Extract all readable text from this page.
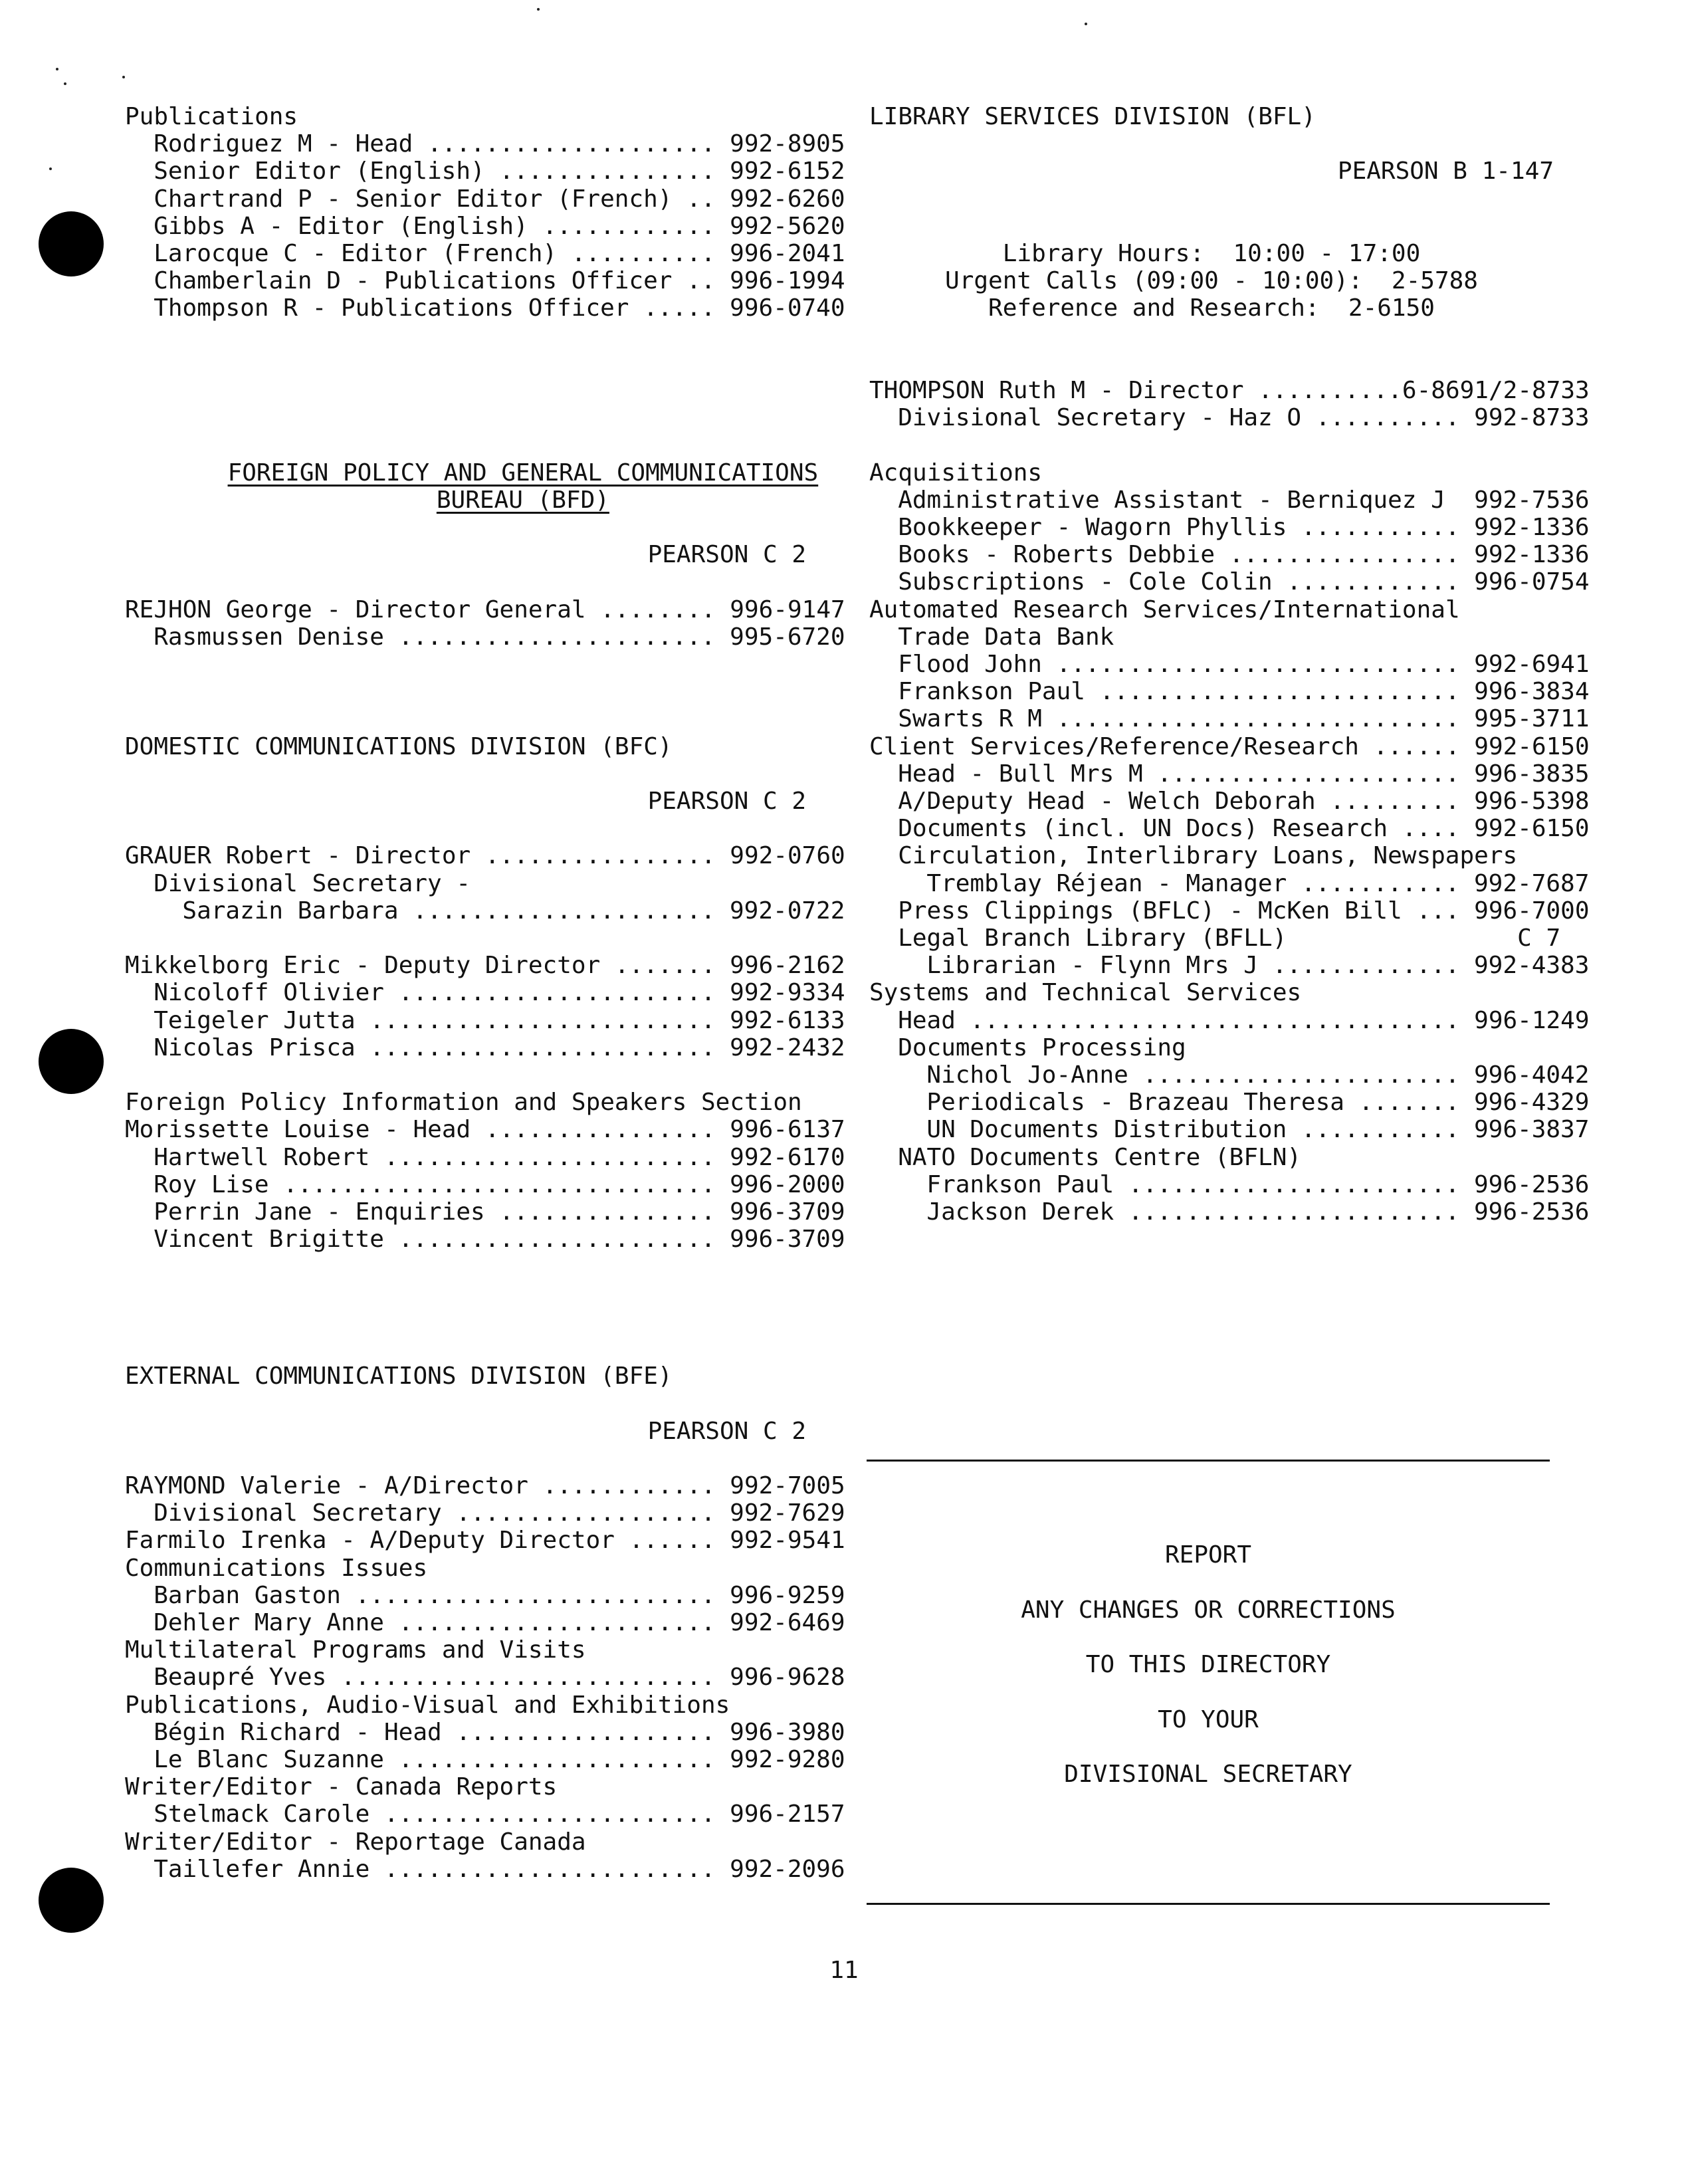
Publications
Rodriguez M - Head .................... 992-8905
Senior Editor (English) ............... 992-6152
Chartrand P - Senior Editor (French) .. 992-6260
Gibbs A - Editor (English) ............ 992-5620
Larocque C - Editor (French) .......... 996-2041
Chamberlain D - Publications Officer .. 996-1994
Thompson R - Publications Officer ..... 996-0740
FOREIGN POLICY AND GENERAL COMMUNICATIONS
BUREAU (BFD)
PEARSON C 2
REJHON George - Director General ........ 996-9147
Rasmussen Denise ...................... 995-6720
DOMESTIC COMMUNICATIONS DIVISION (BFC)
PEARSON C 2
GRAUER Robert - Director ................ 992-0760
Divisional Secretary -
Sarazin Barbara ..................... 992-0722
Mikkelborg Eric - Deputy Director ....... 996-2162
Nicoloff Olivier ...................... 992-9334
Teigeler Jutta ........................ 992-6133
Nicolas Prisca ........................ 992-2432
Foreign Policy Information and Speakers Section
Morissette Louise - Head ................ 996-6137
Hartwell Robert ....................... 992-6170
Roy Lise .............................. 996-2000
Perrin Jane - Enquiries ............... 996-3709
Vincent Brigitte ...................... 996-3709
EXTERNAL COMMUNICATIONS DIVISION (BFE)
PEARSON C 2
RAYMOND Valerie - A/Director ............ 992-7005
Divisional Secretary .................. 992-7629
Farmilo Irenka - A/Deputy Director ...... 992-9541
Communications Issues
Barban Gaston ......................... 996-9259
Dehler Mary Anne ...................... 992-6469
Multilateral Programs and Visits
Beaupré Yves .......................... 996-9628
Publications, Audio-Visual and Exhibitions
Bégin Richard - Head .................. 996-3980
Le Blanc Suzanne ...................... 992-9280
Writer/Editor - Canada Reports
Stelmack Carole ....................... 996-2157
Writer/Editor - Reportage Canada
Taillefer Annie ....................... 992-2096
LIBRARY SERVICES DIVISION (BFL)
PEARSON B 1-147
Library Hours:  10:00 - 17:00
Urgent Calls (09:00 - 10:00):  2-5788
Reference and Research:  2-6150
THOMPSON Ruth M - Director ..........6-8691/2-8733
Divisional Secretary - Haz O .......... 992-8733
Acquisitions
Administrative Assistant - Berniquez J  992-7536
Bookkeeper - Wagorn Phyllis ........... 992-1336
Books - Roberts Debbie ................ 992-1336
Subscriptions - Cole Colin ............ 996-0754
Automated Research Services/International
Trade Data Bank
Flood John ............................ 992-6941
Frankson Paul ......................... 996-3834
Swarts R M ............................ 995-3711
Client Services/Reference/Research ...... 992-6150
Head - Bull Mrs M ..................... 996-3835
A/Deputy Head - Welch Deborah ......... 996-5398
Documents (incl. UN Docs) Research .... 992-6150
Circulation, Interlibrary Loans, Newspapers
Tremblay Réjean - Manager ........... 992-7687
Press Clippings (BFLC) - McKen Bill ... 996-7000
Legal Branch Library (BFLL)                C 7
Librarian - Flynn Mrs J ............. 992-4383
Systems and Technical Services
Head .................................. 996-1249
Documents Processing
Nichol Jo-Anne ...................... 996-4042
Periodicals - Brazeau Theresa ....... 996-4329
UN Documents Distribution ........... 996-3837
NATO Documents Centre (BFLN)
Frankson Paul ....................... 996-2536
Jackson Derek ....................... 996-2536
REPORT
ANY CHANGES OR CORRECTIONS
TO THIS DIRECTORY
TO YOUR
DIVISIONAL SECRETARY
11
